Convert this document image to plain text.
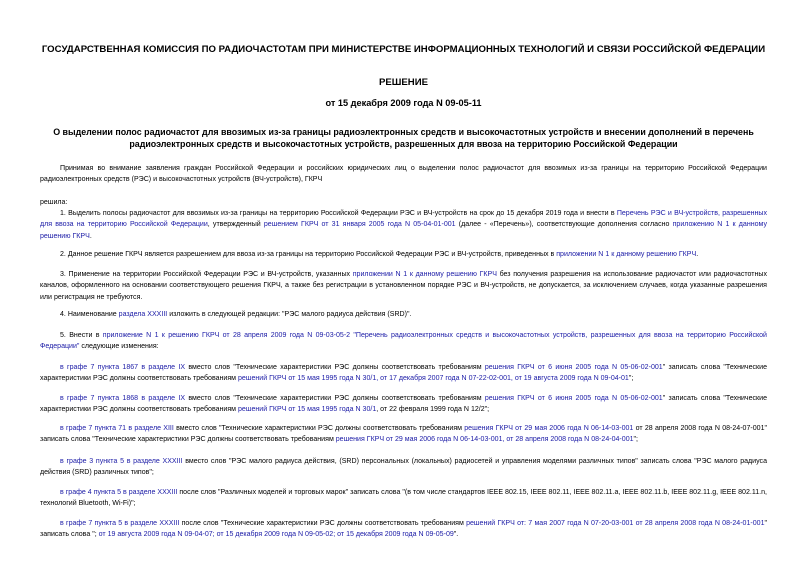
ГОСУДАРСТВЕННАЯ КОМИССИЯ ПО РАДИОЧАСТОТАМ ПРИ МИНИСТЕРСТВЕ ИНФОРМАЦИОННЫХ ТЕХНОЛОГИЙ И СВЯЗИ РОССИЙСКОЙ ФЕДЕРАЦИИ
РЕШЕНИЕ
от 15 декабря 2009 года N 09-05-11
О выделении полос радиочастот для ввозимых из-за границы радиоэлектронных средств и высокочастотных устройств и внесении дополнений в перечень радиоэлектронных средств и высокочастотных устройств, разрешенных для ввоза на территорию Российской Федерации
Принимая во внимание заявления граждан Российской Федерации и российских юридических лиц о выделении полос радиочастот для ввозимых из-за границы на территорию Российской Федерации радиоэлектронных средств (РЭС) и высокочастотных устройств (ВЧ-устройств), ГКРЧ
решила:
1. Выделить полосы радиочастот для ввозимых из-за границы на территорию Российской Федерации РЭС и ВЧ-устройств на срок до 15 декабря 2019 года и внести в Перечень РЭС и ВЧ-устройств, разрешенных для ввоза на территорию Российской Федерации, утвержденный решением ГКРЧ от 31 января 2005 года N 05-04-01-001 (далее - «Перечень»), соответствующие дополнения согласно приложению N 1 к данному решению ГКРЧ.
2. Данное решение ГКРЧ является разрешением для ввоза из-за границы на территорию Российской Федерации РЭС и ВЧ-устройств, приведенных в приложении N 1 к данному решению ГКРЧ.
3. Применение на территории Российской Федерации РЭС и ВЧ-устройств, указанных приложении N 1 к данному решению ГКРЧ без получения разрешения на использование радиочастот или радиочастотных каналов, оформленного на основании соответствующего решения ГКРЧ, а также без регистрации в установленном порядке РЭС и ВЧ-устройств, не допускается, за исключением случаев, когда указанные разрешения или регистрация не требуются.
4. Наименование раздела XXXIII изложить в следующей редакции: "РЭС малого радиуса действия (SRD)".
5. Внести в приложение N 1 к решению ГКРЧ от 28 апреля 2009 года N 09-03-05-2 "Перечень радиоэлектронных средств и высокочастотных устройств, разрешенных для ввоза на территорию Российской Федерации" следующие изменения:
в графе 7 пункта 1867 в разделе IX вместо слов "Технические характеристики РЭС должны соответствовать требованиям решения ГКРЧ от 6 июня 2005 года N 05-06-02-001" записать слова "Технические характеристики РЭС должны соответствовать требованиям решений ГКРЧ от 15 мая 1995 года N 30/1, от 17 декабря 2007 года N 07-22-02-001, от 19 августа 2009 года N 09-04-01";
в графе 7 пункта 1868 в разделе IX вместо слов "Технические характеристики РЭС должны соответствовать требованиям решения ГКРЧ от 6 июня 2005 года N 05-06-02-001" записать слова "Технические характеристики РЭС должны соответствовать требованиям решений ГКРЧ от 15 мая 1995 года N 30/1, от 22 февраля 1999 года N 12/2";
в графе 7 пункта 71 в разделе XIII вместо слов "Технические характеристики РЭС должны соответствовать требованиям решения ГКРЧ от 29 мая 2006 года N 06-14-03-001 от 28 апреля 2008 года N 08-24-07-001" записать слова "Технические характеристики РЭС должны соответствовать требованиям решения ГКРЧ от 29 мая 2006 года N 06-14-03-001, от 28 апреля 2008 года N 08-24-04-001";
в графе 3 пункта 5 в разделе XXXIII вместо слов "РЭС малого радиуса действия, (SRD) персональных (локальных) радиосетей и управления моделями различных типов" записать слова "РЭС малого радиуса действия (SRD) различных типов";
в графе 4 пункта 5 в разделе XXXIII после слов "Различных моделей и торговых марок" записать слова "(в том числе стандартов IEEE 802.15, IEEE 802.11, IEEE 802.11.a, IEEE 802.11.b, IEEE 802.11.g, IEEE 802.11.n, технологий Bluetooth, Wi-Fi)";
в графе 7 пункта 5 в разделе XXXIII после слов "Технические характеристики РЭС должны соответствовать требованиям решений ГКРЧ от: 7 мая 2007 года N 07-20-03-001 от 28 апреля 2008 года N 08-24-01-001" записать слова "; от 19 августа 2009 года N 09-04-07; от 15 декабря 2009 года N 09-05-02; от 15 декабря 2009 года N 09-05-09".
